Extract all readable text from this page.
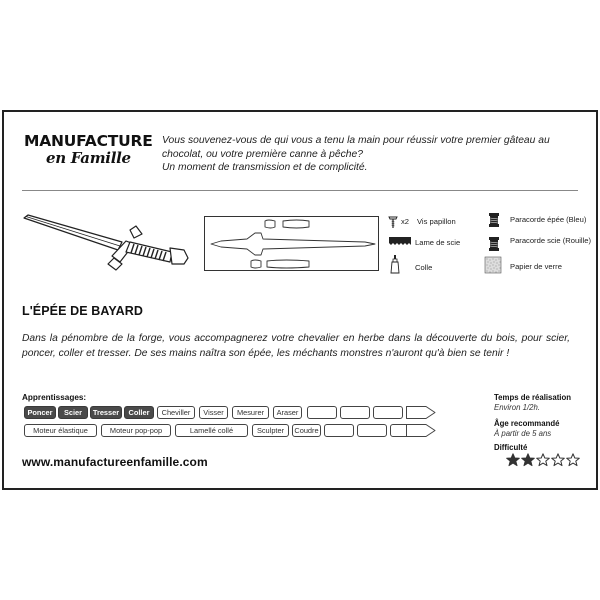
MANUFACTURE
en Famille
Vous souvenez-vous de qui vous a tenu la main pour réussir votre premier gâteau au chocolat, ou votre première canne à pêche?
Un moment de transmission et de complicité.
x2 Vis papillon
Lame de scie
Colle
Paracorde épée (Bleu)
Paracorde scie (Rouille)
Papier de verre
L'ÉPÉE DE BAYARD
Dans la pénombre de la forge, vous accompagnerez votre chevalier en herbe dans la découverte du bois, pour scier, poncer, coller et tresser. De ses mains naîtra son épée, les méchants monstres n'auront qu'à bien se tenir !
Apprentissages:
Poncer	Scier	Tresser	Coller	Cheviller	Visser	Mesurer	Araser
Moteur élastique	Moteur pop-pop	Lamellé collé	Sculpter	Coudre
www.manufactureenfamille.com
Temps de réalisation
Environ 1/2h.
Âge recommandé
À partir de 5 ans
Difficulté
